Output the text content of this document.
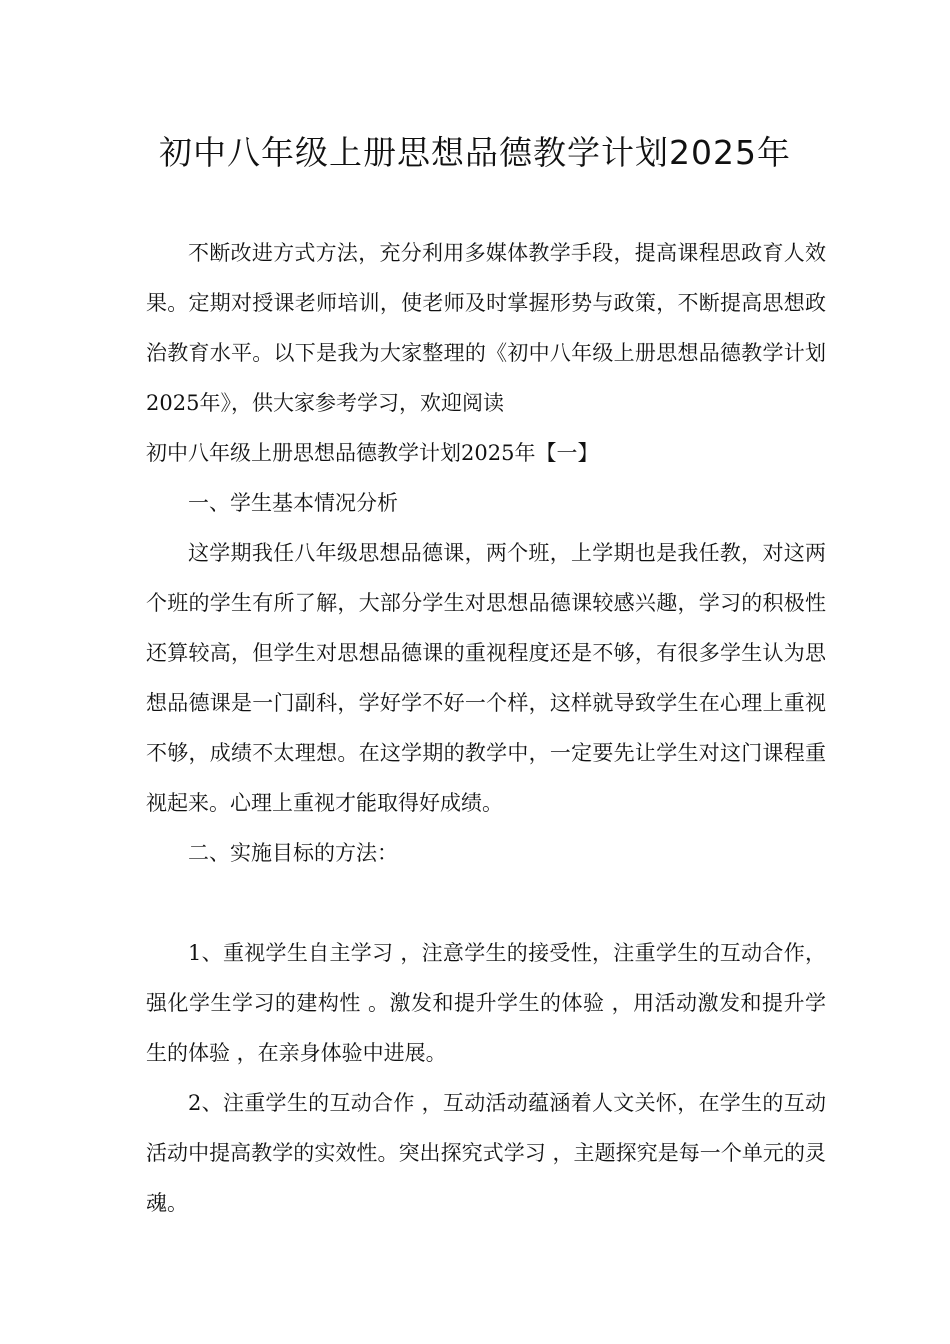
初中八年级上册思想品德教学计划2025年

不断改进方式方法，充分利用多媒体教学手段，提高课程思政育人效果。定期对授课老师培训，使老师及时掌握形势与政策，不断提高思想政治教育水平。以下是我为大家整理的《初中八年级上册思想品德教学计划2025年》，供大家参考学习，欢迎阅读

初中八年级上册思想品德教学计划2025年【一】

一、学生基本情况分析

这学期我任八年级思想品德课，两个班，上学期也是我任教，对这两个班的学生有所了解，大部分学生对思想品德课较感兴趣，学习的积极性还算较高，但学生对思想品德课的重视程度还是不够，有很多学生认为思想品德课是一门副科，学好学不好一个样，这样就导致学生在心理上重视不够，成绩不太理想。在这学期的教学中，一定要先让学生对这门课程重视起来。心理上重视才能取得好成绩。

二、实施目标的方法：

1、重视学生自主学习 ，注意学生的接受性，注重学生的互动合作，强化学生学习的建构性 。激发和提升学生的体验 ，用活动激发和提升学生的体验 ，在亲身体验中进展。

2、注重学生的互动合作 ，互动活动蕴涵着人文关怀，在学生的互动活动中提高教学的实效性。突出探究式学习 ，主题探究是每一个单元的灵魂。
